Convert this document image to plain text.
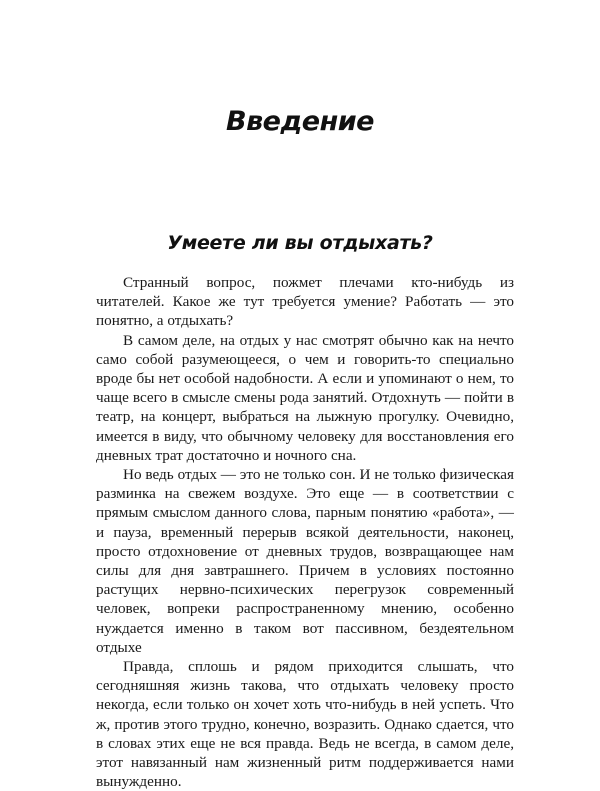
Введение
Умеете ли вы отдыхать?

Странный вопрос, пожмет плечами кто-нибудь из читателей. Какое же тут требуется умение? Работать — это понятно, а отдыхать?

В самом деле, на отдых у нас смотрят обычно как на нечто само собой разумеющееся, о чем и говорить-то специально вроде бы нет особой надобности. А если и упоминают о нем, то чаще всего в смысле смены рода занятий. Отдохнуть — пойти в театр, на концерт, выбраться на лыжную прогулку. Очевидно, имеется в виду, что обычному человеку для восстановления его дневных трат достаточно и ночного сна.

Но ведь отдых — это не только сон. И не только физическая разминка на свежем воздухе. Это еще — в соответствии с прямым смыслом данного слова, парным понятию «работа», — и пауза, временный перерыв всякой деятельности, наконец, просто отдохновение от дневных трудов, возвращающее нам силы для дня завтрашнего. Причем в условиях постоянно растущих нервно-психических перегрузок современный человек, вопреки распространенному мнению, особенно нуждается именно в таком вот пассивном, бездеятельном отдыхе

Правда, сплошь и рядом приходится слышать, что сегодняшняя жизнь такова, что отдыхать человеку просто некогда, если только он хочет хоть что-нибудь в ней успеть. Что ж, против этого трудно, конечно, возразить. Однако сдается, что в словах этих еще не вся правда. Ведь не всегда, в самом деле, этот навязанный нам жизненный ритм поддерживается нами вынужденно.
